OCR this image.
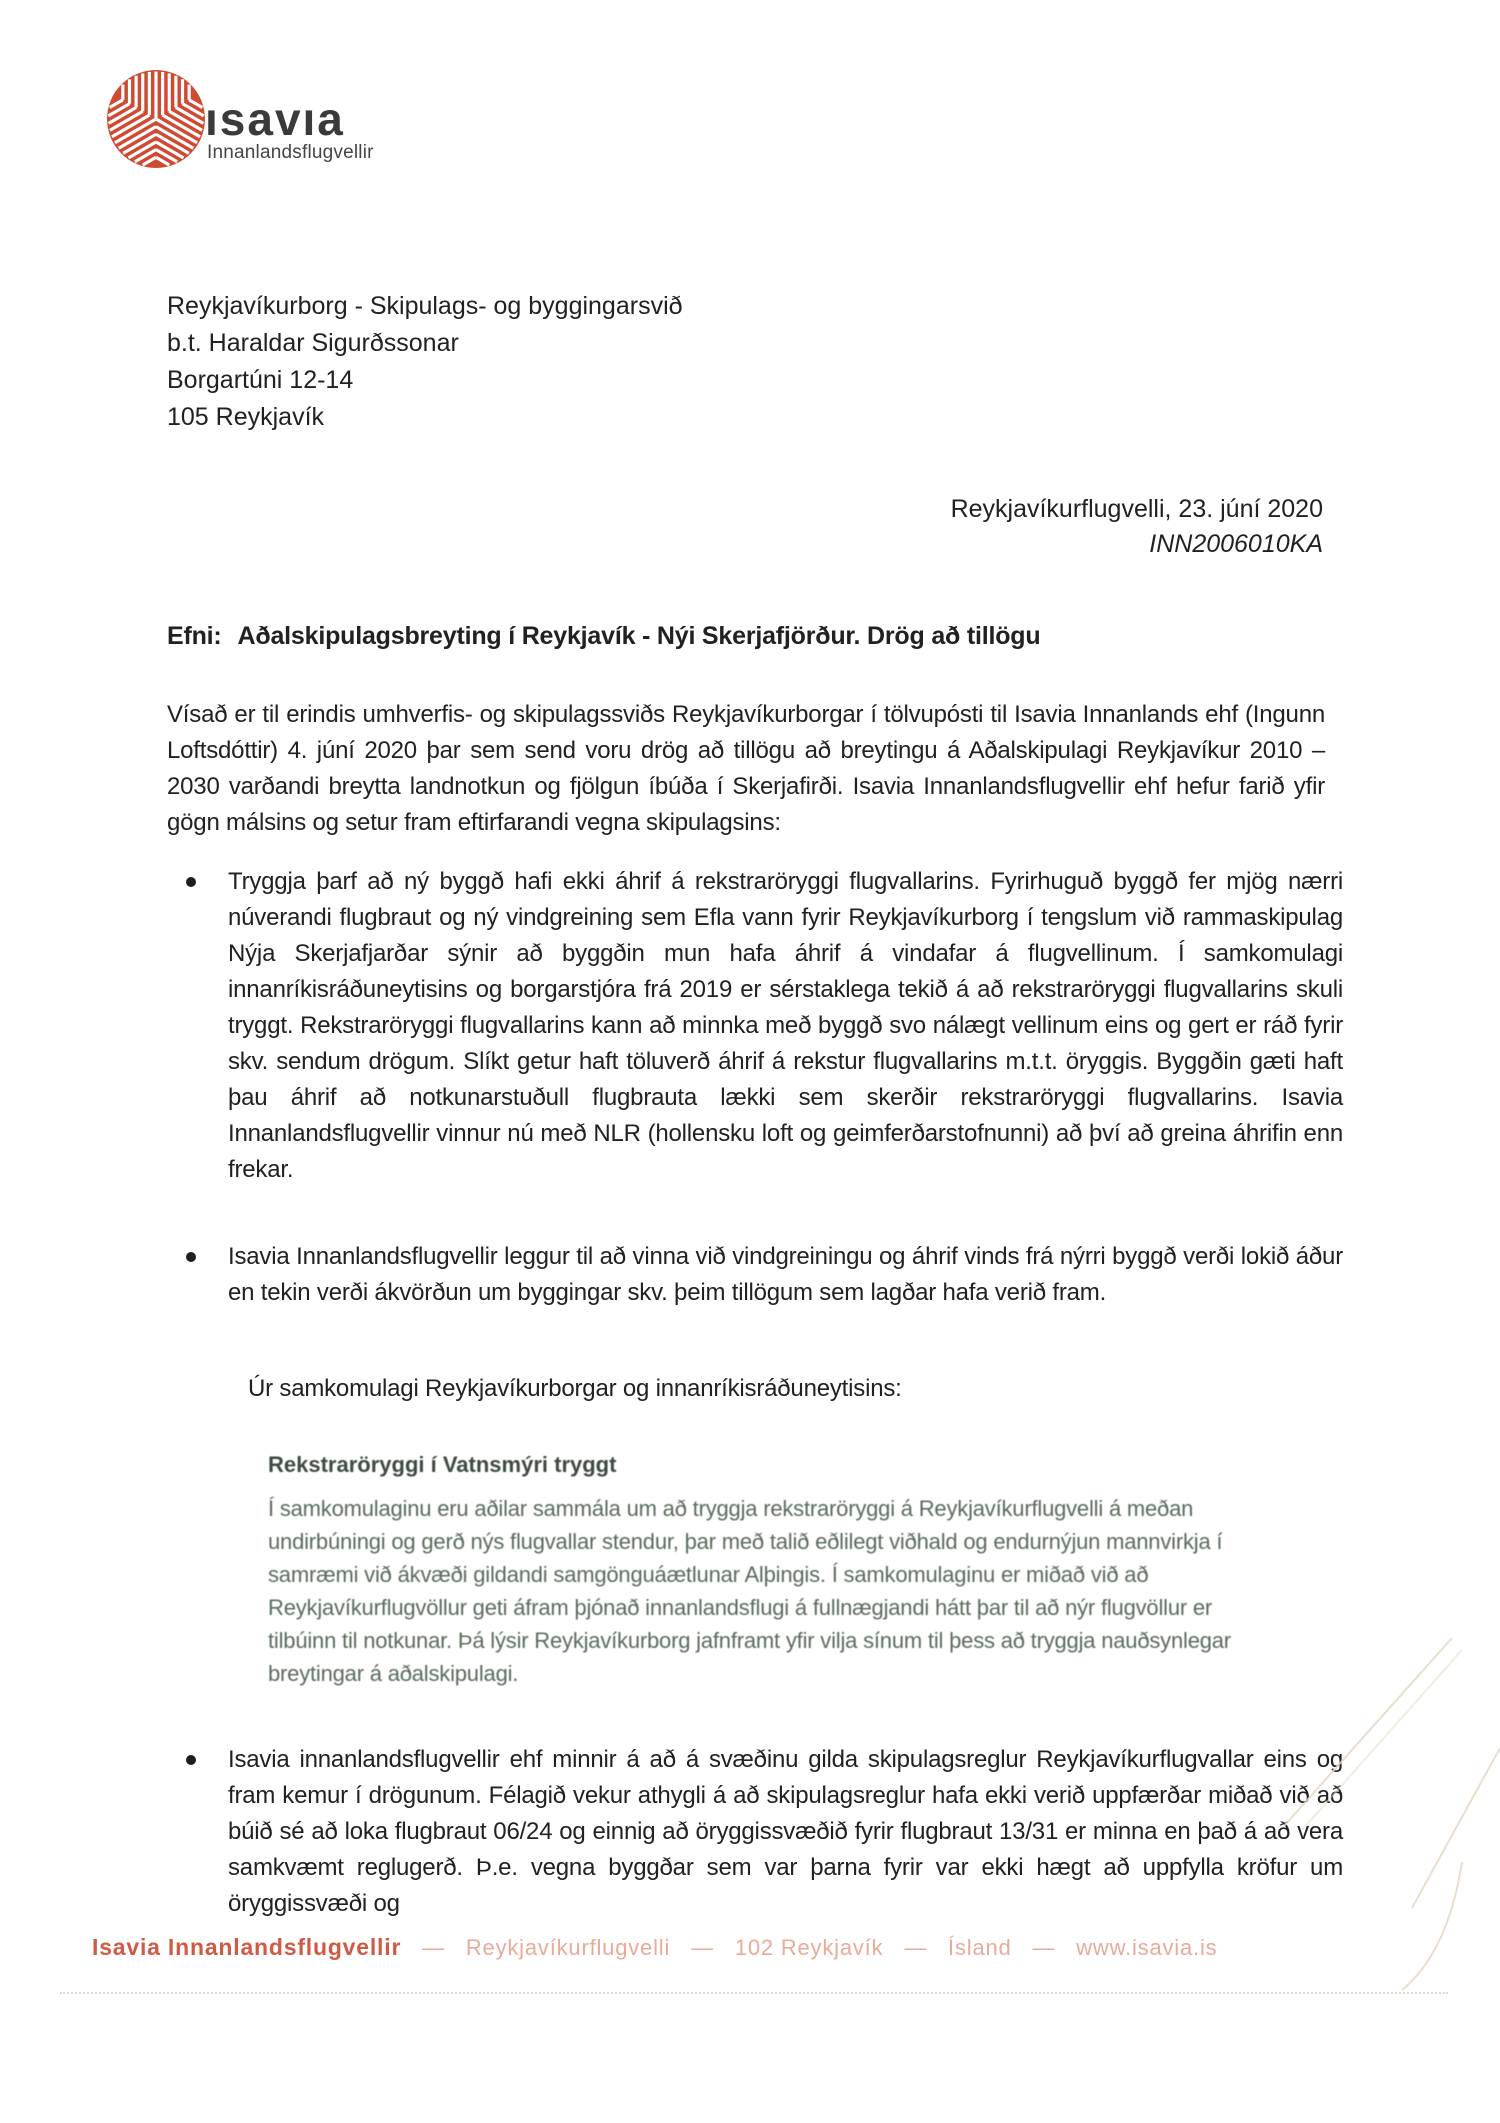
ısavıa
Innanlandsflugvellir
Reykjavíkurborg - Skipulags- og byggingarsvið
b.t. Haraldar Sigurðssonar
Borgartúni 12-14
105 Reykjavík
Reykjavíkurflugvelli, 23. júní 2020
INN2006010KA
Efni: Aðalskipulagsbreyting í Reykjavík - Nýi Skerjafjörður. Drög að tillögu
Vísað er til erindis umhverfis- og skipulagssviðs Reykjavíkurborgar í tölvupósti til Isavia Innanlands ehf (Ingunn Loftsdóttir) 4. júní 2020 þar sem send voru drög að tillögu að breytingu á Aðalskipulagi Reykjavíkur 2010 – 2030 varðandi breytta landnotkun og fjölgun íbúða í Skerjafirði. Isavia Innanlandsflugvellir ehf hefur farið yfir gögn málsins og setur fram eftirfarandi vegna skipulagsins:
Tryggja þarf að ný byggð hafi ekki áhrif á rekstraröryggi flugvallarins. Fyrirhuguð byggð fer mjög nærri núverandi flugbraut og ný vindgreining sem Efla vann fyrir Reykjavíkurborg í tengslum við rammaskipulag Nýja Skerjafjarðar sýnir að byggðin mun hafa áhrif á vindafar á flugvellinum. Í samkomulagi innanríkisráðuneytisins og borgarstjóra frá 2019 er sérstaklega tekið á að rekstraröryggi flugvallarins skuli tryggt. Rekstraröryggi flugvallarins kann að minnka með byggð svo nálægt vellinum eins og gert er ráð fyrir skv. sendum drögum. Slíkt getur haft töluverð áhrif á rekstur flugvallarins m.t.t. öryggis. Byggðin gæti haft þau áhrif að notkunarstuðull flugbrauta lækki sem skerðir rekstraröryggi flugvallarins. Isavia Innanlandsflugvellir vinnur nú með NLR (hollensku loft og geimferðarstofnunni) að því að greina áhrifin enn frekar.
Isavia Innanlandsflugvellir leggur til að vinna við vindgreiningu og áhrif vinds frá nýrri byggð verði lokið áður en tekin verði ákvörðun um byggingar skv. þeim tillögum sem lagðar hafa verið fram.
Úr samkomulagi Reykjavíkurborgar og innanríkisráðuneytisins:
Rekstraröryggi í Vatnsmýri tryggt
Í samkomulaginu eru aðilar sammála um að tryggja rekstraröryggi á Reykjavíkurflugvelli á meðan
undirbúningi og gerð nýs flugvallar stendur, þar með talið eðlilegt viðhald og endurnýjun mannvirkja í
samræmi við ákvæði gildandi samgönguáætlunar Alþingis. Í samkomulaginu er miðað við að
Reykjavíkurflugvöllur geti áfram þjónað innanlandsflugi á fullnægjandi hátt þar til að nýr flugvöllur er
tilbúinn til notkunar. Þá lýsir Reykjavíkurborg jafnframt yfir vilja sínum til þess að tryggja nauðsynlegar
breytingar á aðalskipulagi.
Isavia innanlandsflugvellir ehf minnir á að á svæðinu gilda skipulagsreglur Reykjavíkurflugvallar eins og fram kemur í drögunum. Félagið vekur athygli á að skipulagsreglur hafa ekki verið uppfærðar miðað við að búið sé að loka flugbraut 06/24 og einnig að öryggissvæðið fyrir flugbraut 13/31 er minna en það á að vera samkvæmt reglugerð. Þ.e. vegna byggðar sem var þarna fyrir var ekki hægt að uppfylla kröfur um öryggissvæði og
Isavia Innanlandsflugvellir — Reykjavíkurflugvelli — 102 Reykjavík — Ísland — www.isavia.is
